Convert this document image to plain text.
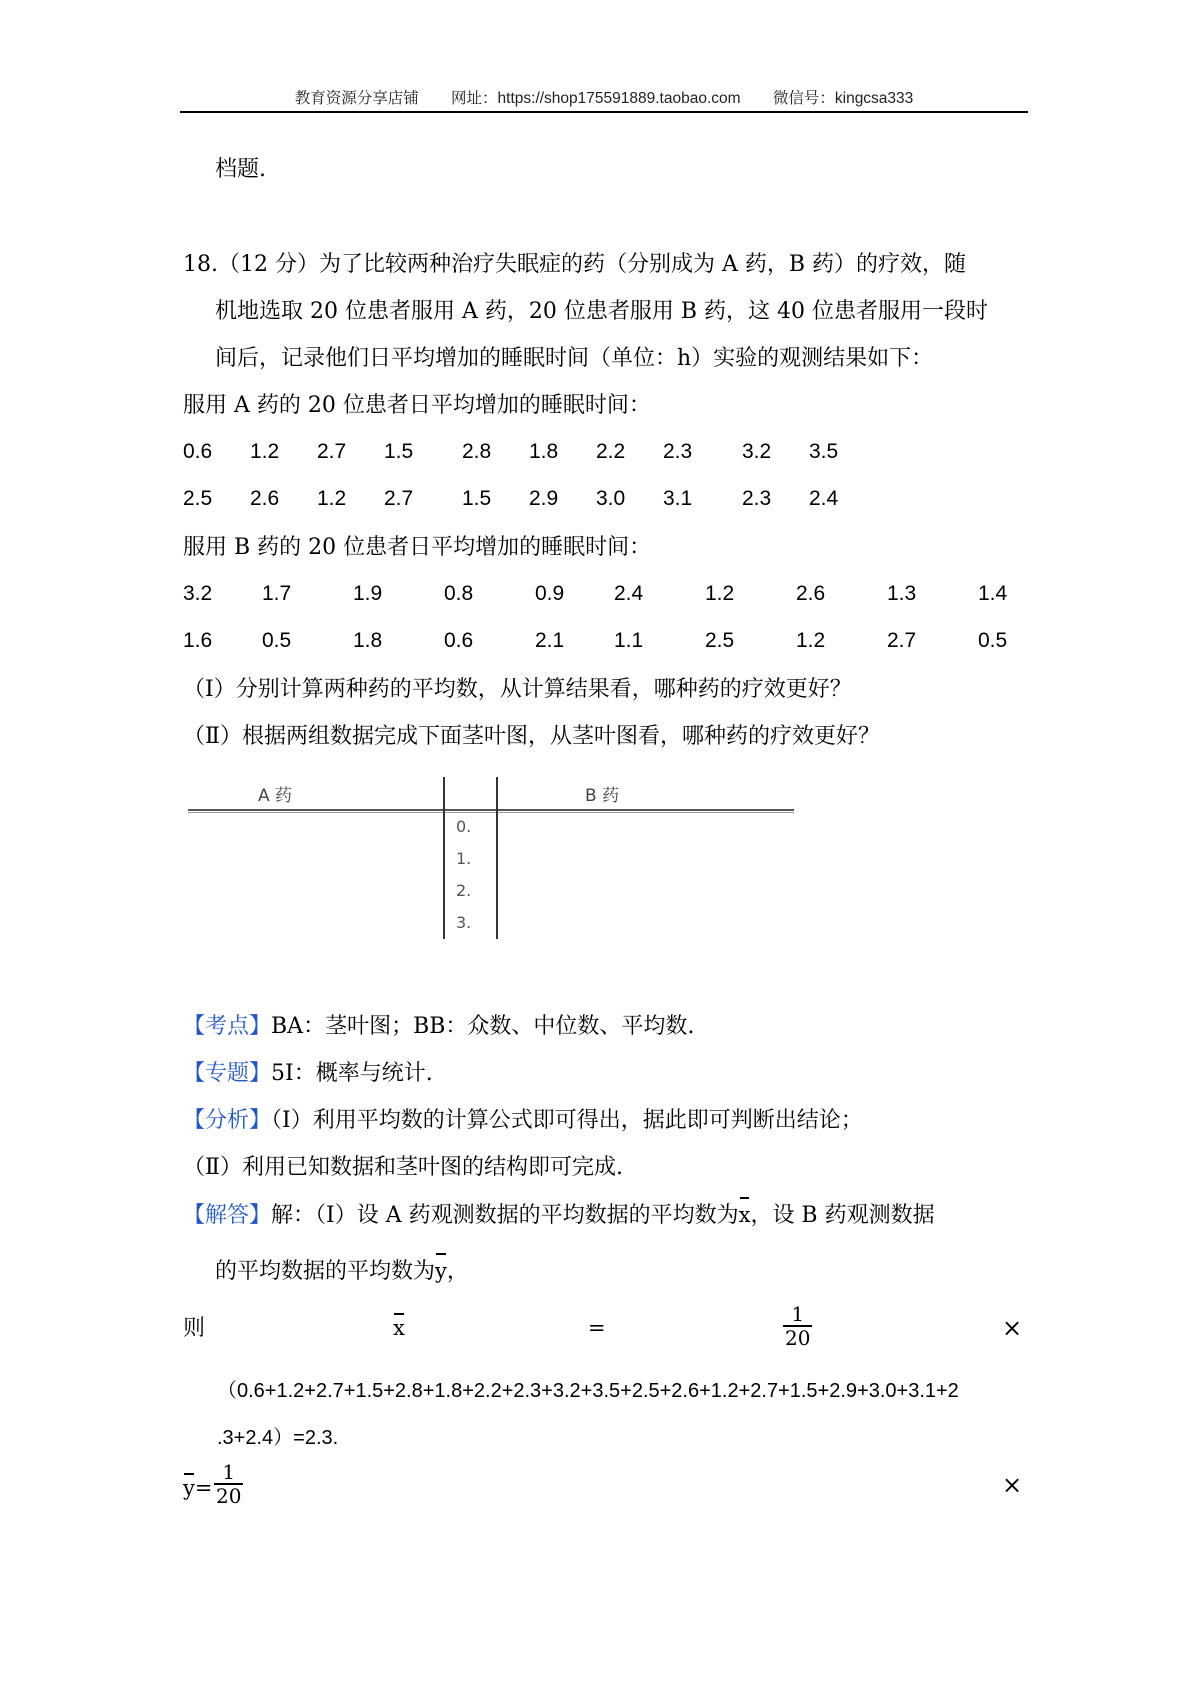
教育资源分享店铺 网址：https://shop175591889.taobao.com 微信号：kingcsa333
档题.
18.（12 分）为了比较两种治疗失眠症的药（分别成为 A 药，B 药）的疗效，随
机地选取 20 位患者服用 A 药，20 位患者服用 B 药，这 40 位患者服用一段时
间后，记录他们日平均增加的睡眠时间（单位：h）实验的观测结果如下：
服用 A 药的 20 位患者日平均增加的睡眠时间：
0.6 1.2 2.7 1.5 2.8 1.8 2.2 2.3 3.2 3.5
2.5 2.6 1.2 2.7 1.5 2.9 3.0 3.1 2.3 2.4
服用 B 药的 20 位患者日平均增加的睡眠时间：
3.2 1.7	1.9	0.8	0.9 2.4	1.2	2.6	1.3	1.4
1.6 0.5	1.8	0.6	2.1 1.1	2.5	1.2	2.7	0.5
（Ⅰ）分别计算两种药的平均数，从计算结果看，哪种药的疗效更好？
（Ⅱ）根据两组数据完成下面茎叶图，从茎叶图看，哪种药的疗效更好？
A 药	B 药
0.
1.
2.
3.
【考点】BA：茎叶图；BB：众数、中位数、平均数.
【专题】5I：概率与统计.
【分析】（Ⅰ）利用平均数的计算公式即可得出，据此即可判断出结论；
（Ⅱ）利用已知数据和茎叶图的结构即可完成.
【解答】解：（Ⅰ）设 A 药观测数据的平均数据的平均数为x，设 B 药观测数据
的平均数据的平均数为y，
则	x	=	$\frac{1}{20}$	×
（0.6+1.2+2.7+1.5+2.8+1.8+2.2+2.3+3.2+3.5+2.5+2.6+1.2+2.7+1.5+2.9+3.0+3.1+2
.3+2.4）=2.3.
$y= \frac{1}{20}$	×
